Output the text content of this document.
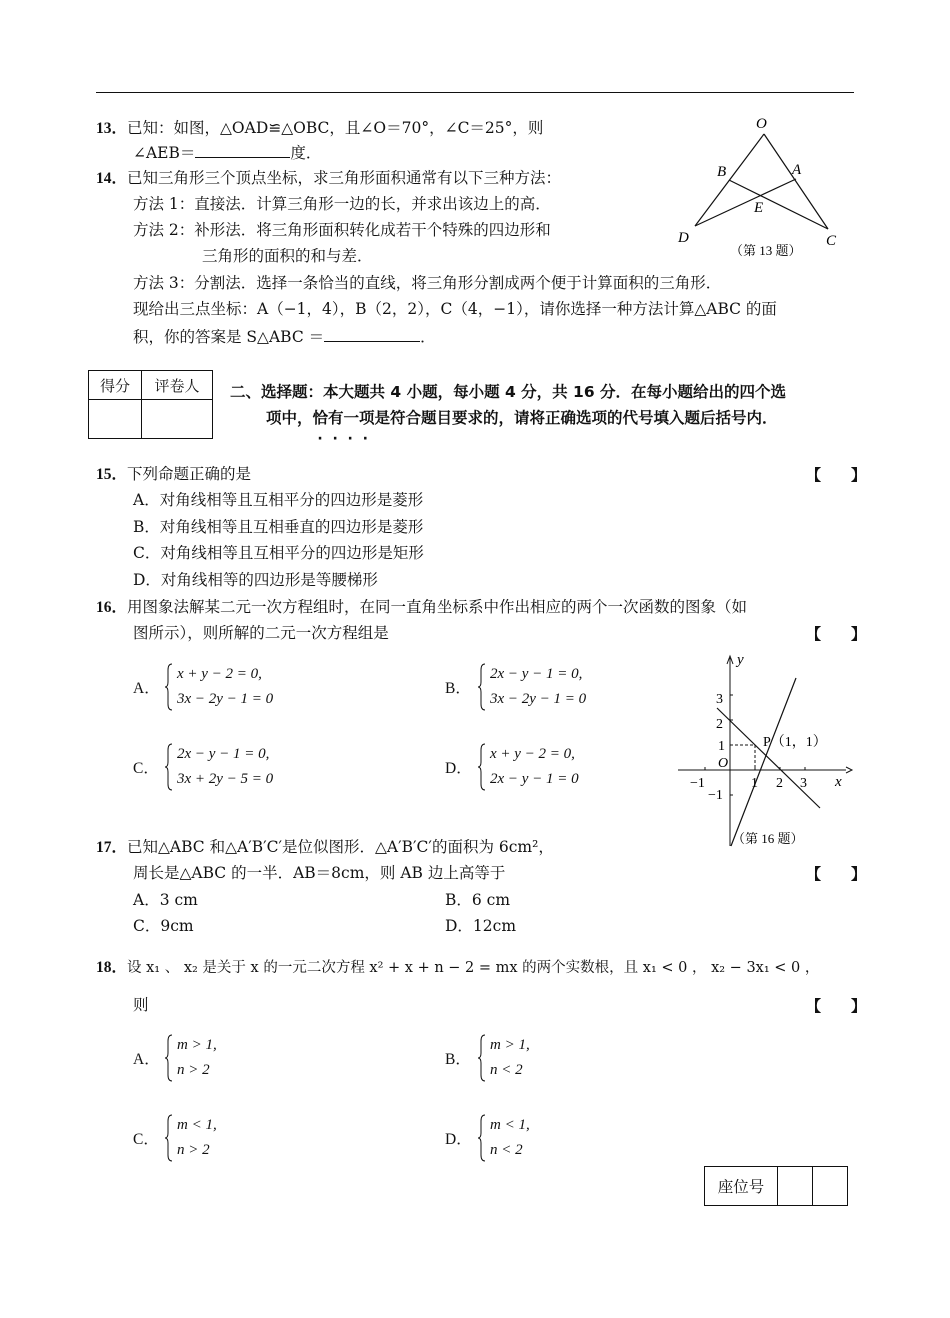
13．已知：如图，△OAD≌△OBC，且∠O＝70°，∠C＝25°，则
∠AEB＝	度．
O
A
B
E
D	C
（第 13 题）
14．已知三角形三个顶点坐标，求三角形面积通常有以下三种方法：
方法 1：直接法．计算三角形一边的长，并求出该边上的高．
方法 2：补形法．将三角形面积转化成若干个特殊的四边形和
三角形的面积的和与差．
方法 3：分割法．选择一条恰当的直线，将三角形分割成两个便于计算面积的三角形．
现给出三点坐标：A（−1，4），B（2，2），C（4，−1），请你选择一种方法计算△ABC 的面
积，你的答案是 S△ABC ＝	．
得分	评卷人
	二、选择题：本大题共 4 小题，每小题 4 分，共 16 分．在每小题给出的四个选
项中，恰有一项
·  ·  ·  ·
是符合题目要求的，请将正确选项的代号填入题后括号内．
15．下列命题正确的是	【　　】
A．对角线相等且互相平分的四边形是菱形
B．对角线相等且互相垂直的四边形是菱形
C．对角线相等且互相平分的四边形是矩形
D．对角线相等的四边形是等腰梯形
16．用图象法解某二元一次方程组时，在同一直角坐标系中作出相应的两个一次函数的图象（如
图所示），则所解的二元一次方程组是	【　　】
A．
x + y − 2 = 0,
3x − 2y − 1 = 0
B．
2x − y − 1 = 0,
3x − 2y − 1 = 0
C．
2x − y − 1 = 0,
3x + 2y − 5 = 0
D．
x + y − 2 = 0,
2x − y − 1 = 0
y
x
O
P（1，1）
3
2
1
−1
−1	1 2 3
（第 16 题）
17．已知△ABC 和△A′B′C′是位似图形．△A′B′C′的面积为 6cm²，
周长是△ABC 的一半．AB＝8cm，则 AB 边上高等于	【　　】
A．3 cm	B．6 cm
C．9cm	D．12cm
18．设 x₁ 、 x₂ 是关于 x 的一元二次方程 x² + x + n − 2 = mx 的两个实数根，且 x₁ < 0 ， x₂ − 3x₁ < 0 ，
则	【　　】
A．
m > 1,
n > 2
B．
m > 1,
n < 2
C．
m < 1,
n > 2
D．
m < 1,
n < 2
座位号		
